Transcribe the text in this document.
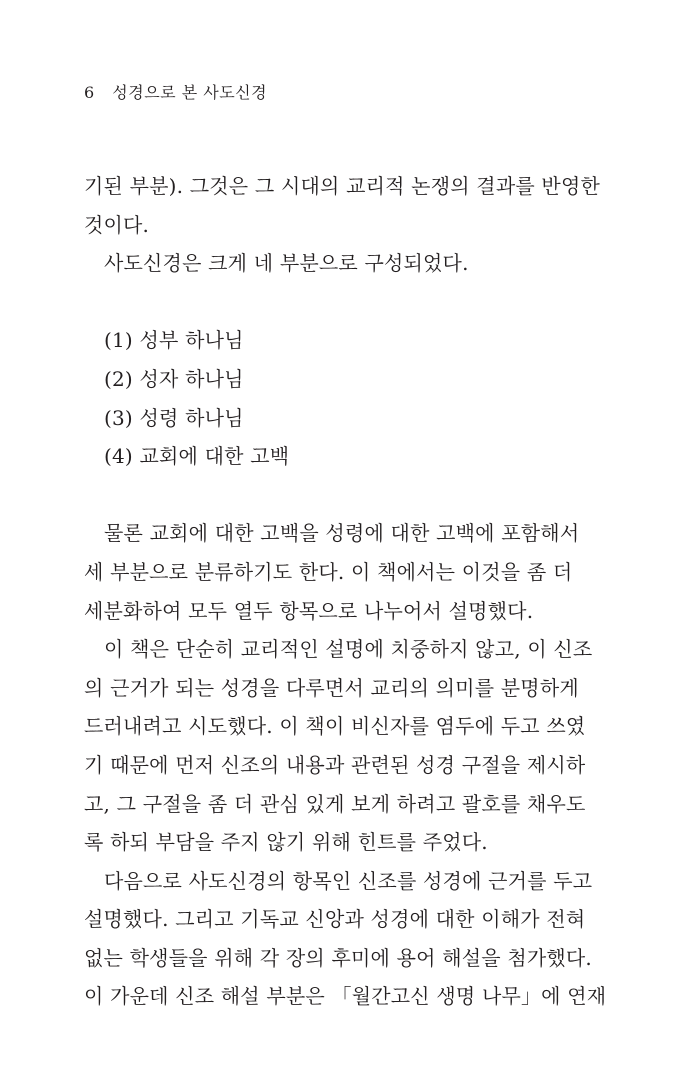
6 성경으로 본 사도신경
기된 부분). 그것은 그 시대의 교리적 논쟁의 결과를 반영한
것이다.
사도신경은 크게 네 부분으로 구성되었다.
(1) 성부 하나님
(2) 성자 하나님
(3) 성령 하나님
(4) 교회에 대한 고백
물론 교회에 대한 고백을 성령에 대한 고백에 포함해서
세 부분으로 분류하기도 한다. 이 책에서는 이것을 좀 더
세분화하여 모두 열두 항목으로 나누어서 설명했다.
이 책은 단순히 교리적인 설명에 치중하지 않고, 이 신조
의 근거가 되는 성경을 다루면서 교리의 의미를 분명하게
드러내려고 시도했다. 이 책이 비신자를 염두에 두고 쓰였
기 때문에 먼저 신조의 내용과 관련된 성경 구절을 제시하
고, 그 구절을 좀 더 관심 있게 보게 하려고 괄호를 채우도
록 하되 부담을 주지 않기 위해 힌트를 주었다.
다음으로 사도신경의 항목인 신조를 성경에 근거를 두고
설명했다. 그리고 기독교 신앙과 성경에 대한 이해가 전혀
없는 학생들을 위해 각 장의 후미에 용어 해설을 첨가했다.
이 가운데 신조 해설 부분은 「월간고신 생명 나무」에 연재
